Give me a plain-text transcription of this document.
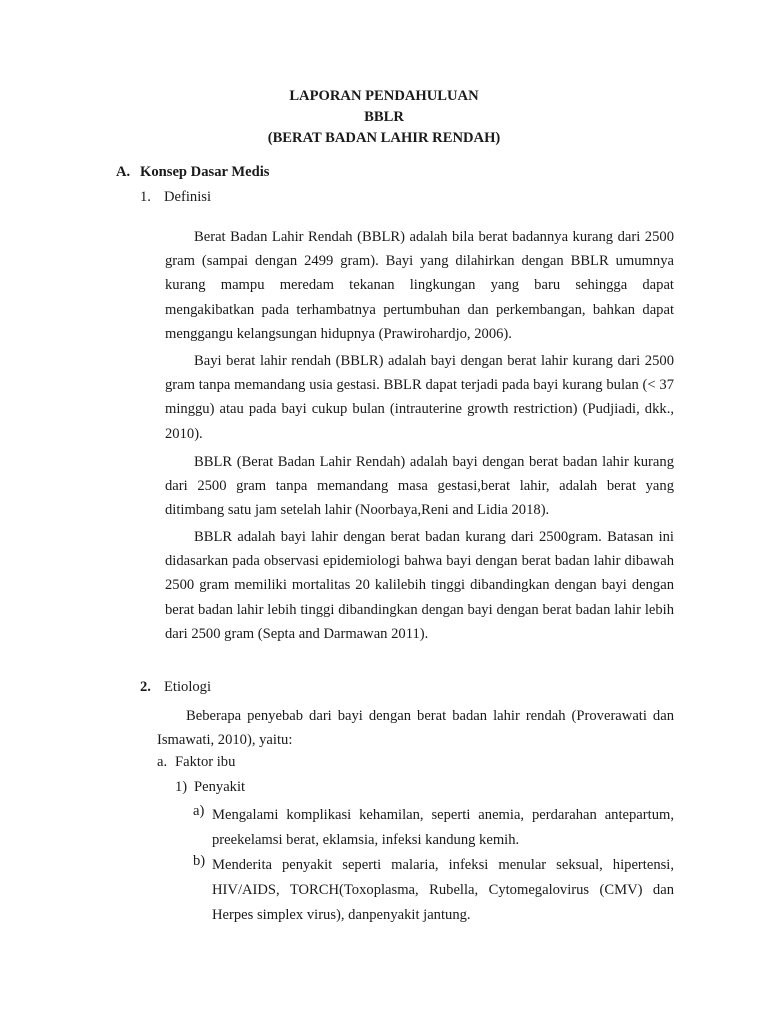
LAPORAN PENDAHULUAN
BBLR
(BERAT BADAN LAHIR RENDAH)
A. Konsep Dasar Medis
1. Definisi
Berat Badan Lahir Rendah (BBLR) adalah bila berat badannya kurang dari 2500 gram (sampai dengan 2499 gram). Bayi yang dilahirkan dengan BBLR umumnya kurang mampu meredam tekanan lingkungan yang baru sehingga dapat mengakibatkan pada terhambatnya pertumbuhan dan perkembangan, bahkan dapat menggangu kelangsungan hidupnya (Prawirohardjo, 2006).
Bayi berat lahir rendah (BBLR) adalah bayi dengan berat lahir kurang dari 2500 gram tanpa memandang usia gestasi. BBLR dapat terjadi pada bayi kurang bulan (< 37 minggu) atau pada bayi cukup bulan (intrauterine growth restriction) (Pudjiadi, dkk., 2010).
BBLR (Berat Badan Lahir Rendah) adalah bayi dengan berat badan lahir kurang dari 2500 gram tanpa memandang masa gestasi,berat lahir, adalah berat yang ditimbang satu jam setelah lahir (Noorbaya,Reni and Lidia 2018).
BBLR adalah bayi lahir dengan berat badan kurang dari 2500gram. Batasan ini didasarkan pada observasi epidemiologi bahwa bayi dengan berat badan lahir dibawah 2500 gram memiliki mortalitas 20 kalilebih tinggi dibandingkan dengan bayi dengan berat badan lahir lebih tinggi dibandingkan dengan bayi dengan berat badan lahir lebih dari 2500 gram (Septa and Darmawan 2011).
2. Etiologi
Beberapa penyebab dari bayi dengan berat badan lahir rendah (Proverawati dan Ismawati, 2010), yaitu:
a. Faktor ibu
1) Penyakit
a) Mengalami komplikasi kehamilan, seperti anemia, perdarahan antepartum, preekelamsi berat, eklamsia, infeksi kandung kemih.
b) Menderita penyakit seperti malaria, infeksi menular seksual, hipertensi, HIV/AIDS, TORCH(Toxoplasma, Rubella, Cytomegalovirus (CMV) dan Herpes simplex virus), danpenyakit jantung.
